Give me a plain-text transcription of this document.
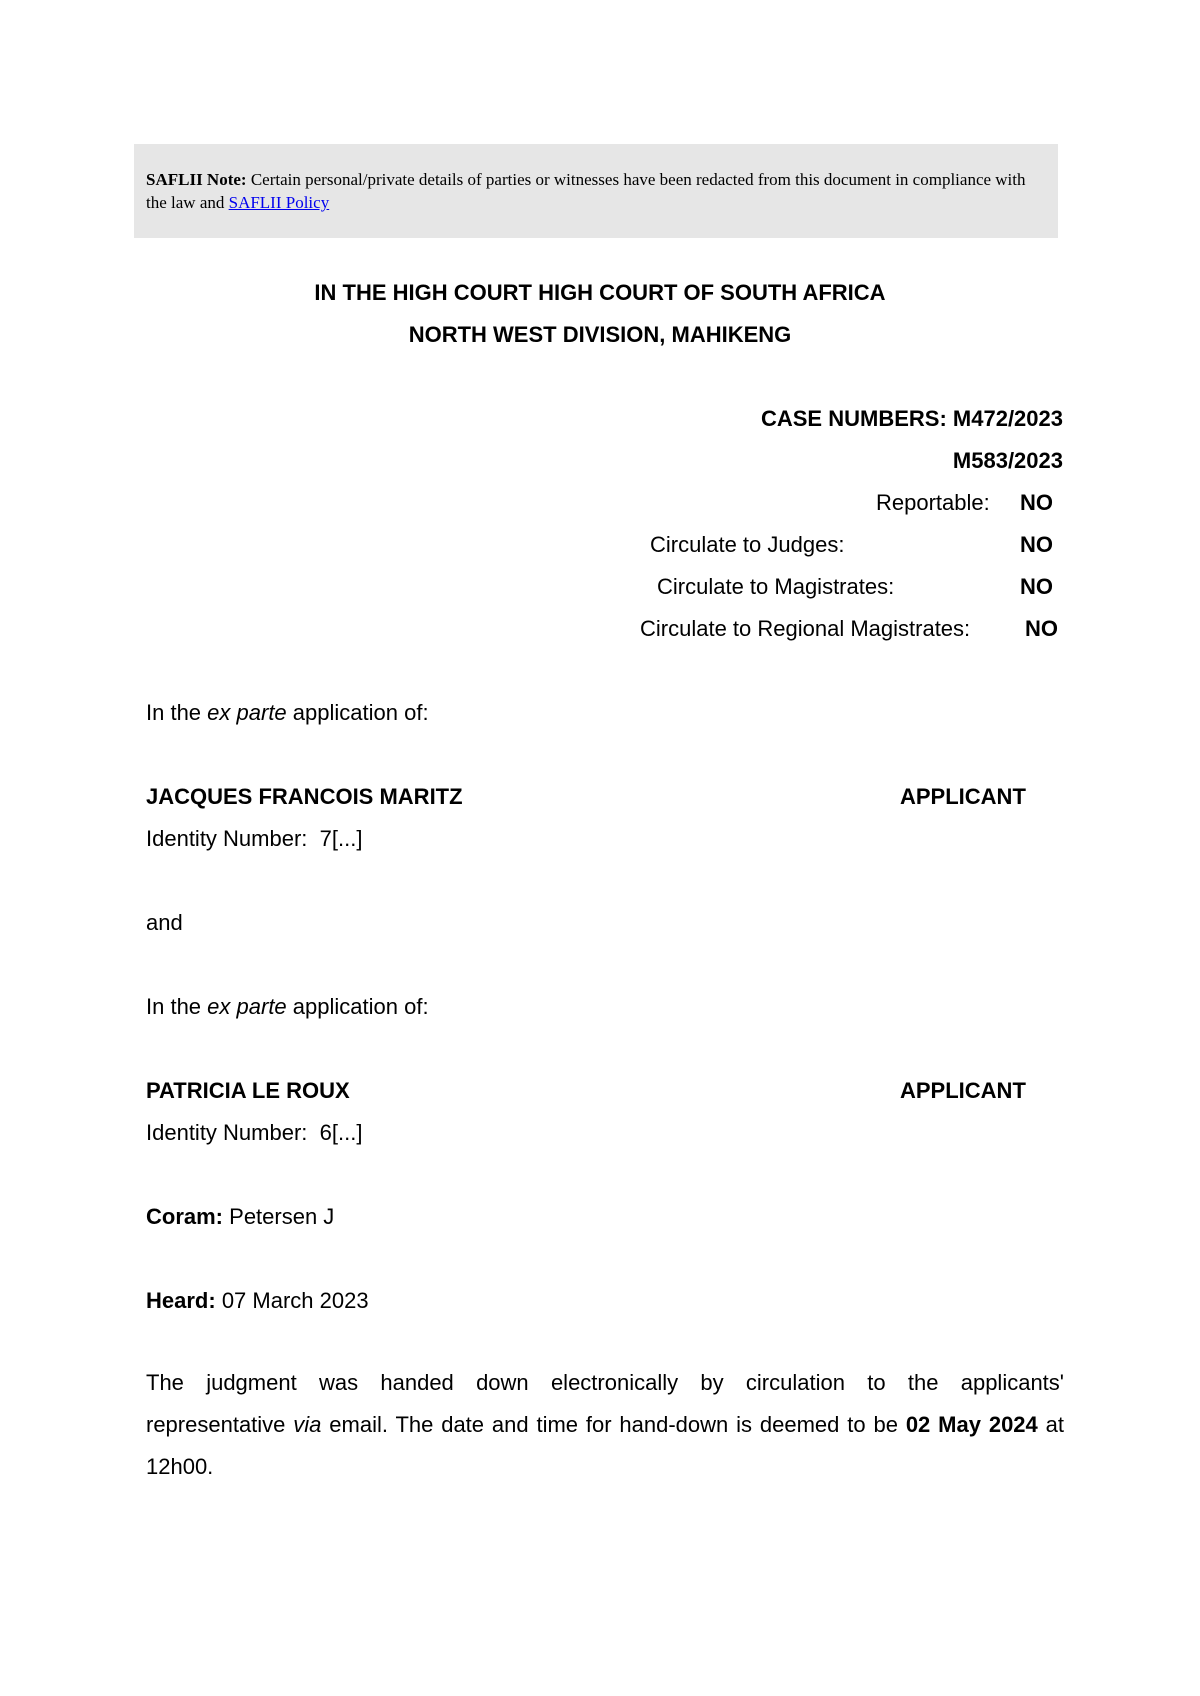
SAFLII Note: Certain personal/private details of parties or witnesses have been redacted from this document in compliance with the law and SAFLII Policy
IN THE HIGH COURT HIGH COURT OF SOUTH AFRICA
NORTH WEST DIVISION, MAHIKENG
CASE NUMBERS: M472/2023
M583/2023
Reportable: NO
Circulate to Judges:	NO
Circulate to Magistrates:	NO
Circulate to Regional Magistrates: NO
In the ex parte application of:
JACQUES FRANCOIS MARITZ	APPLICANT
Identity Number: 7[...]
and
In the ex parte application of:
PATRICIA LE ROUX	APPLICANT
Identity Number: 6[...]
Coram: Petersen J
Heard: 07 March 2023
The judgment was handed down electronically by circulation to the applicants'
representative via email. The date and time for hand-down is deemed to be 02 May 2024 at 12h00.
